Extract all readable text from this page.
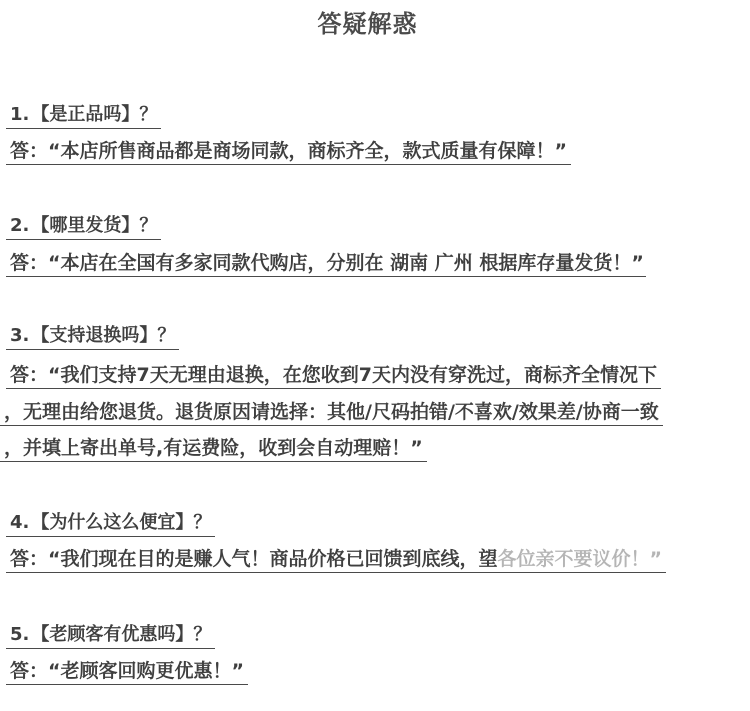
答疑解惑
1. 【是正品吗】？
答：“本店所售商品都是商场同款，商标齐全，款式质量有保障！”
2. 【哪里发货】？
答：“本店在全国有多家同款代购店，分别在 湖南 广州 根据库存量发货！”
3. 【支持退换吗】？
答：“我们支持7天无理由退换，在您收到7天内没有穿洗过，商标齐全情况下
，无理由给您退货。退货原因请选择：其他/尺码拍错/不喜欢/效果差/协商一致
，并填上寄出单号,有运费险，收到会自动理赔！”
4. 【为什么这么便宜】？
答：“我们现在目的是赚人气！商品价格已回馈到底线，望各位亲不要议价！”
5. 【老顾客有优惠吗】？
答：“老顾客回购更优惠！”
